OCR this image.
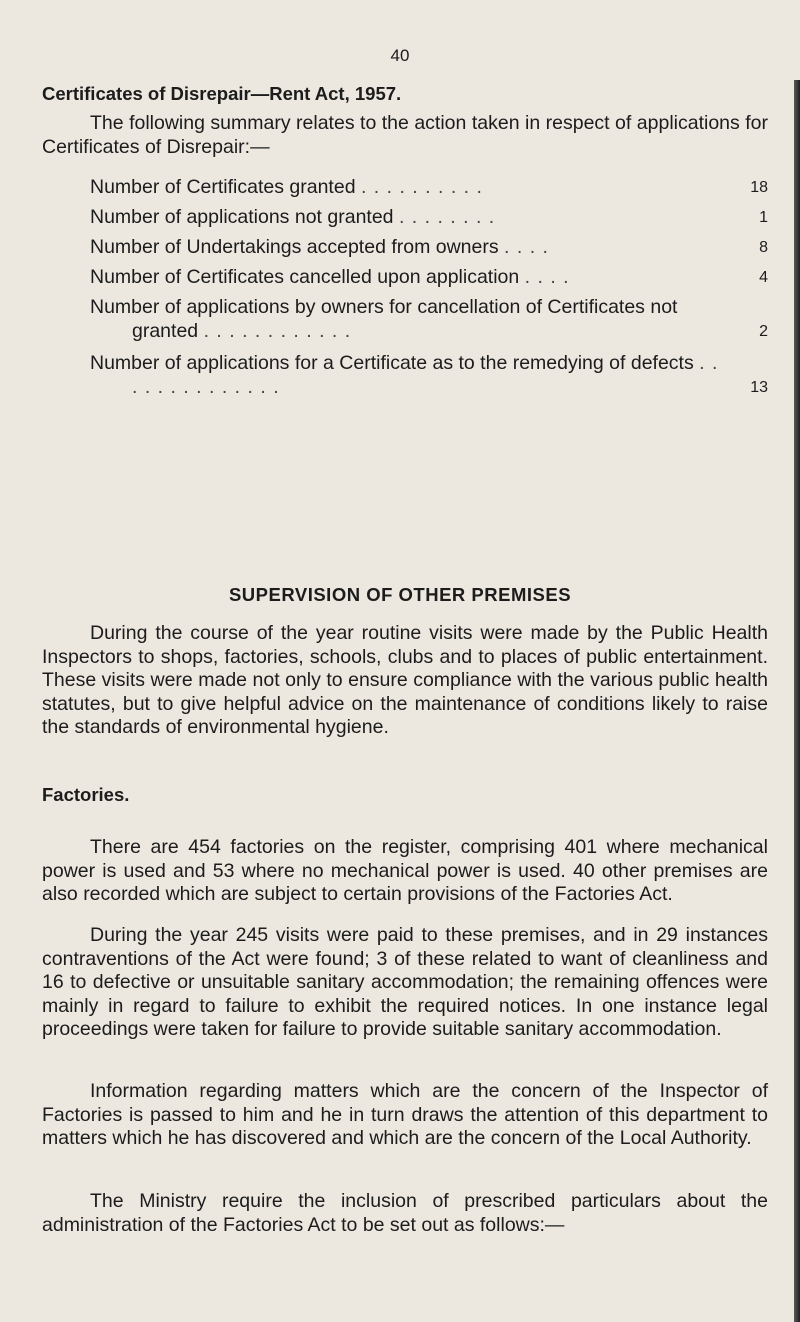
40
Certificates of Disrepair—Rent Act, 1957.
The following summary relates to the action taken in respect of applications for Certificates of Disrepair:—
Number of Certificates granted . . . . . . . . . .	18
Number of applications not granted . . . . . . . .	1
Number of Undertakings accepted from owners . . . .	8
Number of Certificates cancelled upon application . . . .	4
Number of applications by owners for cancellation of Certificates not granted . . . . . . . . . . . .	2
Number of applications for a Certificate as to the remedying of defects . . . . . . . . . . . . . .	13
SUPERVISION OF OTHER PREMISES
During the course of the year routine visits were made by the Public Health Inspectors to shops, factories, schools, clubs and to places of public entertainment. These visits were made not only to ensure compliance with the various public health statutes, but to give helpful advice on the maintenance of conditions likely to raise the standards of environmental hygiene.
Factories.
There are 454 factories on the register, comprising 401 where mechanical power is used and 53 where no mechanical power is used. 40 other premises are also recorded which are subject to certain provisions of the Factories Act.
During the year 245 visits were paid to these premises, and in 29 instances contraventions of the Act were found; 3 of these related to want of cleanliness and 16 to defective or unsuitable sanitary accommodation; the remaining offences were mainly in regard to failure to exhibit the required notices. In one instance legal proceedings were taken for failure to provide suitable sanitary accommodation.
Information regarding matters which are the concern of the Inspector of Factories is passed to him and he in turn draws the attention of this department to matters which he has discovered and which are the concern of the Local Authority.
The Ministry require the inclusion of prescribed particulars about the administration of the Factories Act to be set out as follows:—
